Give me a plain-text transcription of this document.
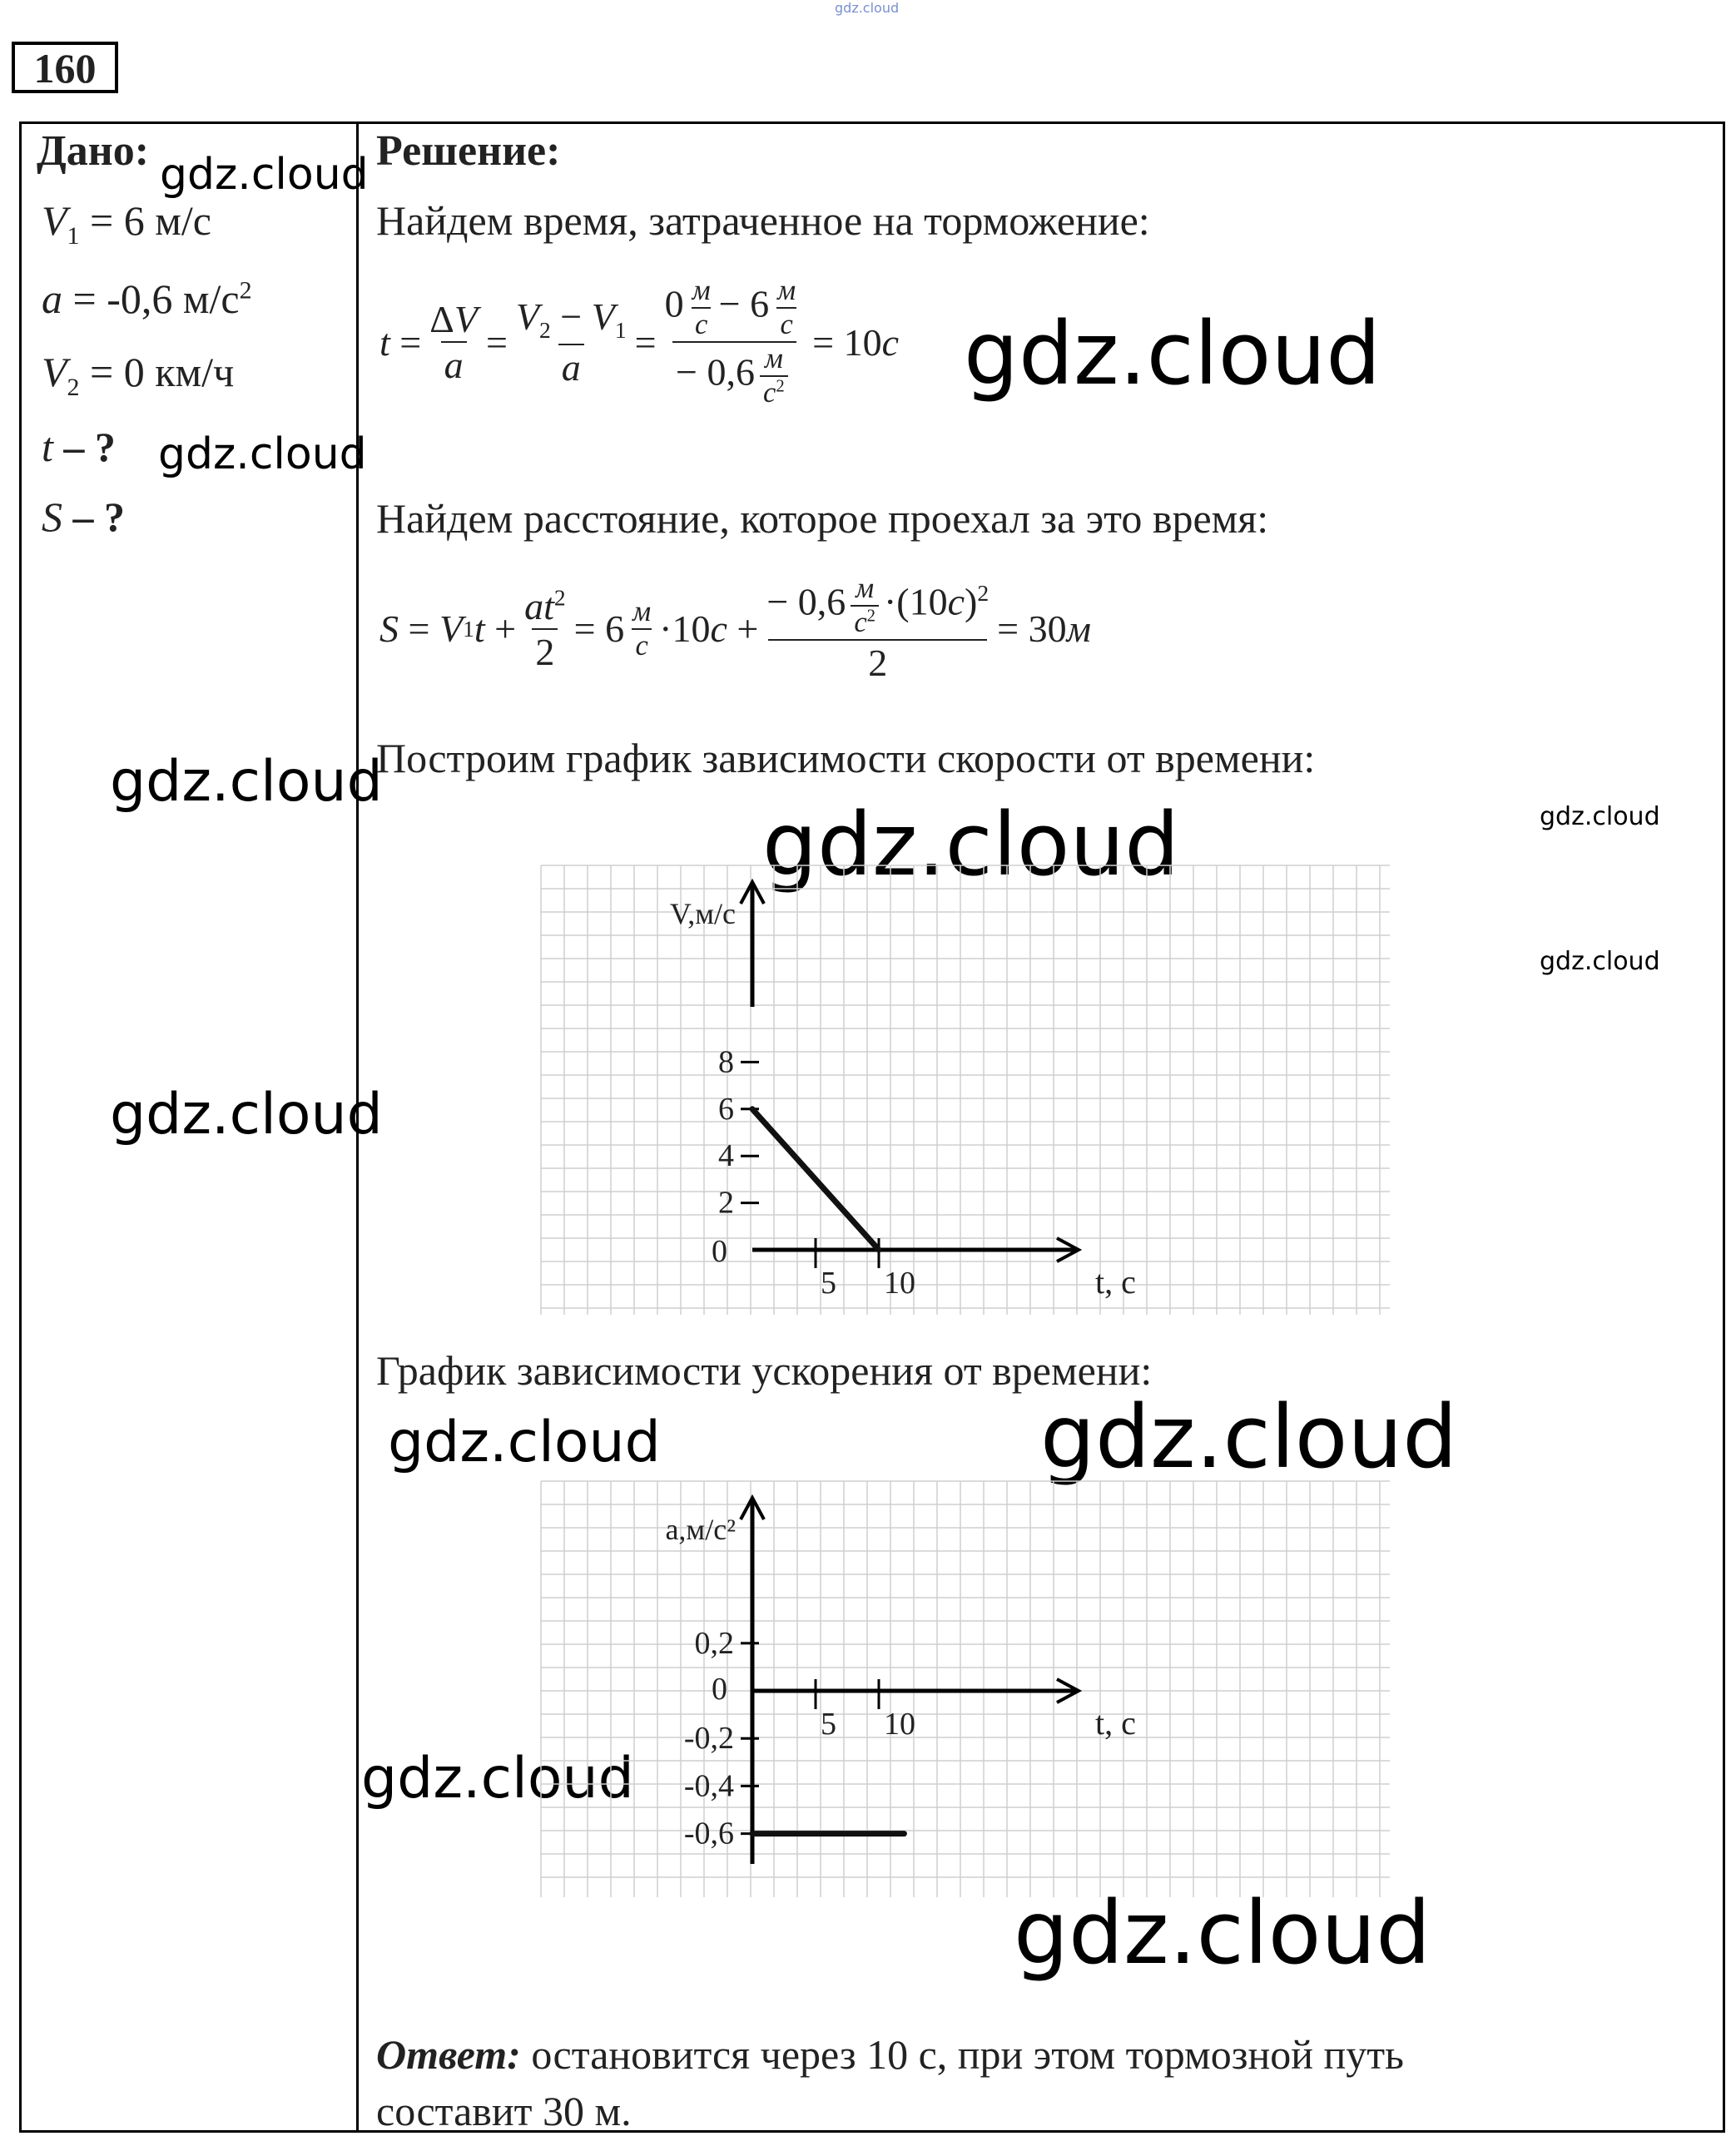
gdz.cloud
160
Дано:
$V_1 = 6$ м/с
a = -0,6 $м/с^2$
$V_2 = 0$ км/ч
t – ?
S – ?
gdz.cloud
gdz.cloud
gdz.cloud
gdz.cloud
gdz.cloud
gdz.cloud	gdz.cloud
gdz.cloud
gdz.cloud	gdz.cloud
gdz.cloud
gdz.cloud
Решение:
Найдем время, затраченное на торможение:
$t = \frac{\Delta V}{a} = \frac{V_2 - V_1}{a} = \frac{0 \frac{м}{с} - 6 \frac{м}{с}}{- 0,6 \frac{м}{с^2}} = 10$ с
Найдем расстояние, которое проехал за это время:
S = V 1 $t + \frac{at^2}{2} = 6 \frac{м}{с} \cdot 10$ $с + \frac{- 0,6 \frac{м}{с^2} \cdot(10с)^2}{2} = 30$ м
Построим график зависимости скорости от времени:
V,м/с
t, с
5 10
0
2
4
6
8
График зависимости ускорения от времени:
a,м/с²
t, с
5 10
0,2
0
-0,2
-0,4
-0,6
Ответ: остановится через 10 с, при этом тормозной путь
составит 30 м.
